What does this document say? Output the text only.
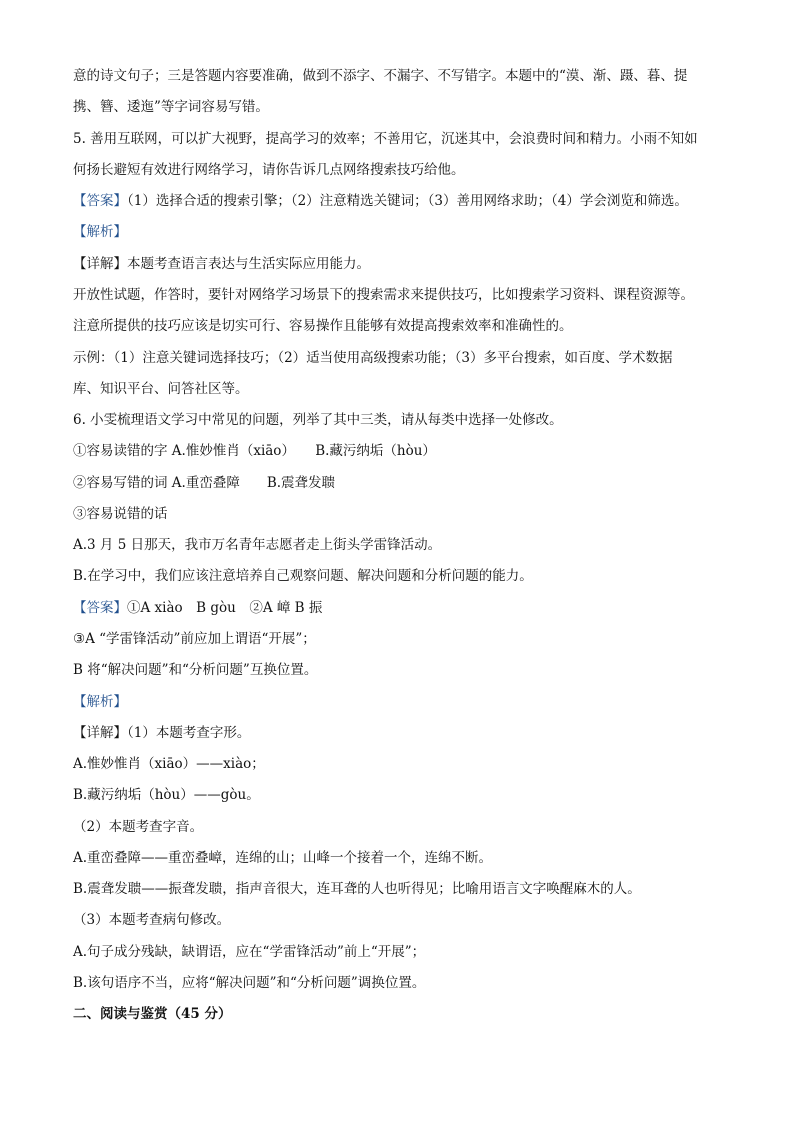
意的诗文句子；三是答题内容要准确，做到不添字、不漏字、不写错字。本题中的“漠、渐、蹑、暮、提
携、簪、逶迤”等字词容易写错。
5. 善用互联网，可以扩大视野，提高学习的效率；不善用它，沉迷其中，会浪费时间和精力。小雨不知如
何扬长避短有效进行网络学习，请你告诉几点网络搜索技巧给他。
【答案】（1）选择合适的搜索引擎；（2）注意精选关键词；（3）善用网络求助；（4）学会浏览和筛选。
【解析】
【详解】本题考查语言表达与生活实际应用能力。
开放性试题，作答时，要针对网络学习场景下的搜索需求来提供技巧，比如搜索学习资料、课程资源等。
注意所提供的技巧应该是切实可行、容易操作且能够有效提高搜索效率和准确性的。
示例：（1）注意关键词选择技巧；（2）适当使用高级搜索功能；（3）多平台搜索，如百度、学术数据
库、知识平台、问答社区等。
6. 小雯梳理语文学习中常见的问题，列举了其中三类，请从每类中选择一处修改。
①容易读错的字 A.惟妙惟肖（xiāo）　　B.藏污纳垢（hòu）
②容易写错的词 A.重峦叠障　　B.震聋发聩
③容易说错的话
A.3 月 5 日那天，我市万名青年志愿者走上街头学雷锋活动。
B.在学习中，我们应该注意培养自己观察问题、解决问题和分析问题的能力。
【答案】①A xiào　B gòu　②A 嶂 B 振
③A “学雷锋活动”前应加上谓语“开展”；
B 将“解决问题”和“分析问题”互换位置。
【解析】
【详解】（1）本题考查字形。
A.惟妙惟肖（xiāo）——xiào；
B.藏污纳垢（hòu）——gòu。
（2）本题考查字音。
A.重峦叠障——重峦叠嶂，连绵的山；山峰一个接着一个，连绵不断。
B.震聋发聩——振聋发聩，指声音很大，连耳聋的人也听得见；比喻用语言文字唤醒麻木的人。
（3）本题考查病句修改。
A.句子成分残缺，缺谓语，应在“学雷锋活动”前上“开展”；
B.该句语序不当，应将“解决问题”和“分析问题”调换位置。
二、阅读与鉴赏（45 分）
